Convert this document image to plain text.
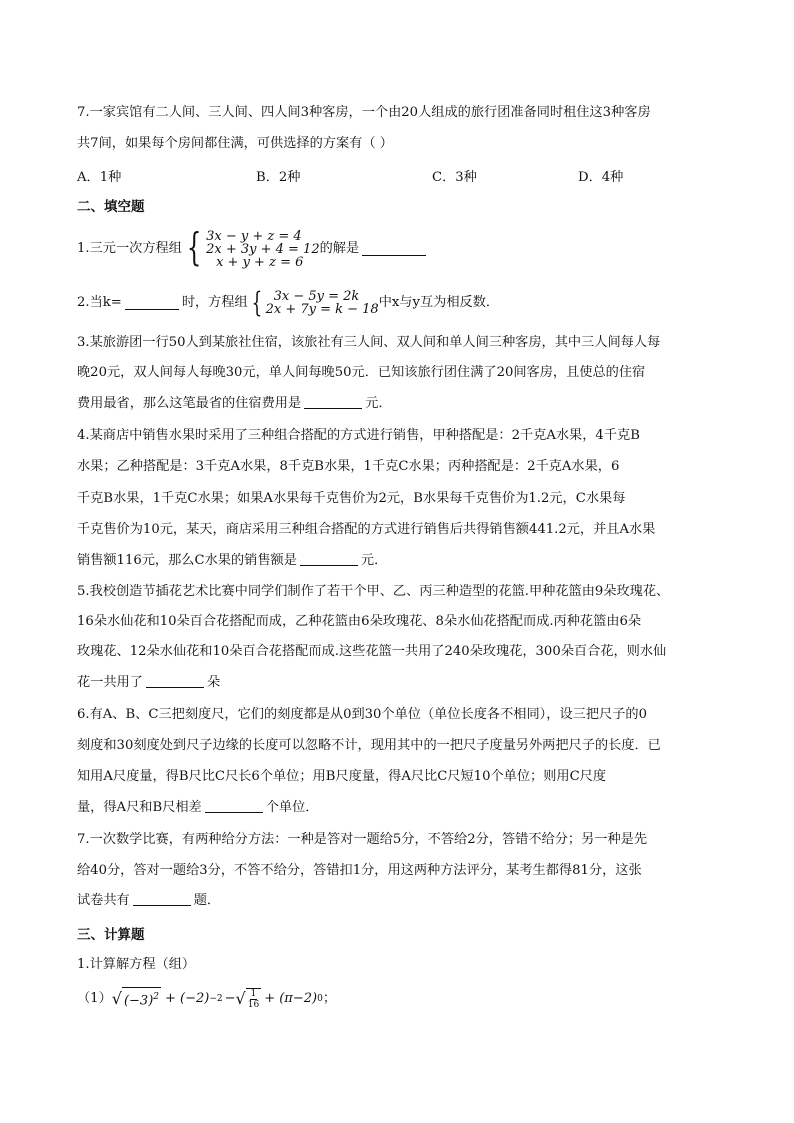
7.一家宾馆有二人间、三人间、四人间3种客房，一个由20人组成的旅行团准备同时租住这3种客房
共7间，如果每个房间都住满，可供选择的方案有（ ）
A．1种	B．2种	C．3种	D．4种
二、填空题
1.三元一次方程组 { 3x − y + z = 4
2x + 3y + 4 = 12
x + y + z = 6
的解是
2.当k=	时，方程组 { 3x − 5y = 2k
2x + 7y = k − 18 中x与y互为相反数．
3.某旅游团一行50人到某旅社住宿，该旅社有三人间、双人间和单人间三种客房，其中三人间每人每
晚20元，双人间每人每晚30元，单人间每晚50元．已知该旅行团住满了20间客房，且使总的住宿
费用最省，那么这笔最省的住宿费用是	元．
4.某商店中销售水果时采用了三种组合搭配的方式进行销售，甲种搭配是：2千克A水果，4千克B
水果；乙种搭配是：3千克A水果，8千克B水果，1千克C水果；丙种搭配是：2千克A水果，6
千克B水果，1千克C水果；如果A水果每千克售价为2元，B水果每千克售价为1.2元，C水果每
千克售价为10元，某天，商店采用三种组合搭配的方式进行销售后共得销售额441.2元，并且A水果
销售额116元，那么C水果的销售额是	元．
5.我校创造节插花艺术比赛中同学们制作了若干个甲、乙、丙三种造型的花篮.甲种花篮由9朵玫瑰花、
16朵水仙花和10朵百合花搭配而成，乙种花篮由6朵玫瑰花、8朵水仙花搭配而成.丙种花篮由6朵
玫瑰花、12朵水仙花和10朵百合花搭配而成.这些花篮一共用了240朵玫瑰花，300朵百合花，则水仙
花一共用了	朵
6.有A、B、C三把刻度尺，它们的刻度都是从0到30个单位（单位长度各不相同），设三把尺子的0
刻度和30刻度处到尺子边缘的长度可以忽略不计，现用其中的一把尺子度量另外两把尺子的长度．已
知用A尺度量，得B尺比C尺长6个单位；用B尺度量，得A尺比C尺短10个单位；则用C尺度
量，得A尺和B尺相差	个单位．
7.一次数学比赛，有两种给分方法：一种是答对一题给5分，不答给2分，答错不给分；另一种是先
给40分，答对一题给3分，不答不给分，答错扣1分，用这两种方法评分，某考生都得81分，这张
试卷共有	题．
三、计算题
1.计算解方程（组）
（1） √ $(-3)^2 + (-2) -2$ − √ $\frac{1}{16} + (\pi-2)$ 0 ；
